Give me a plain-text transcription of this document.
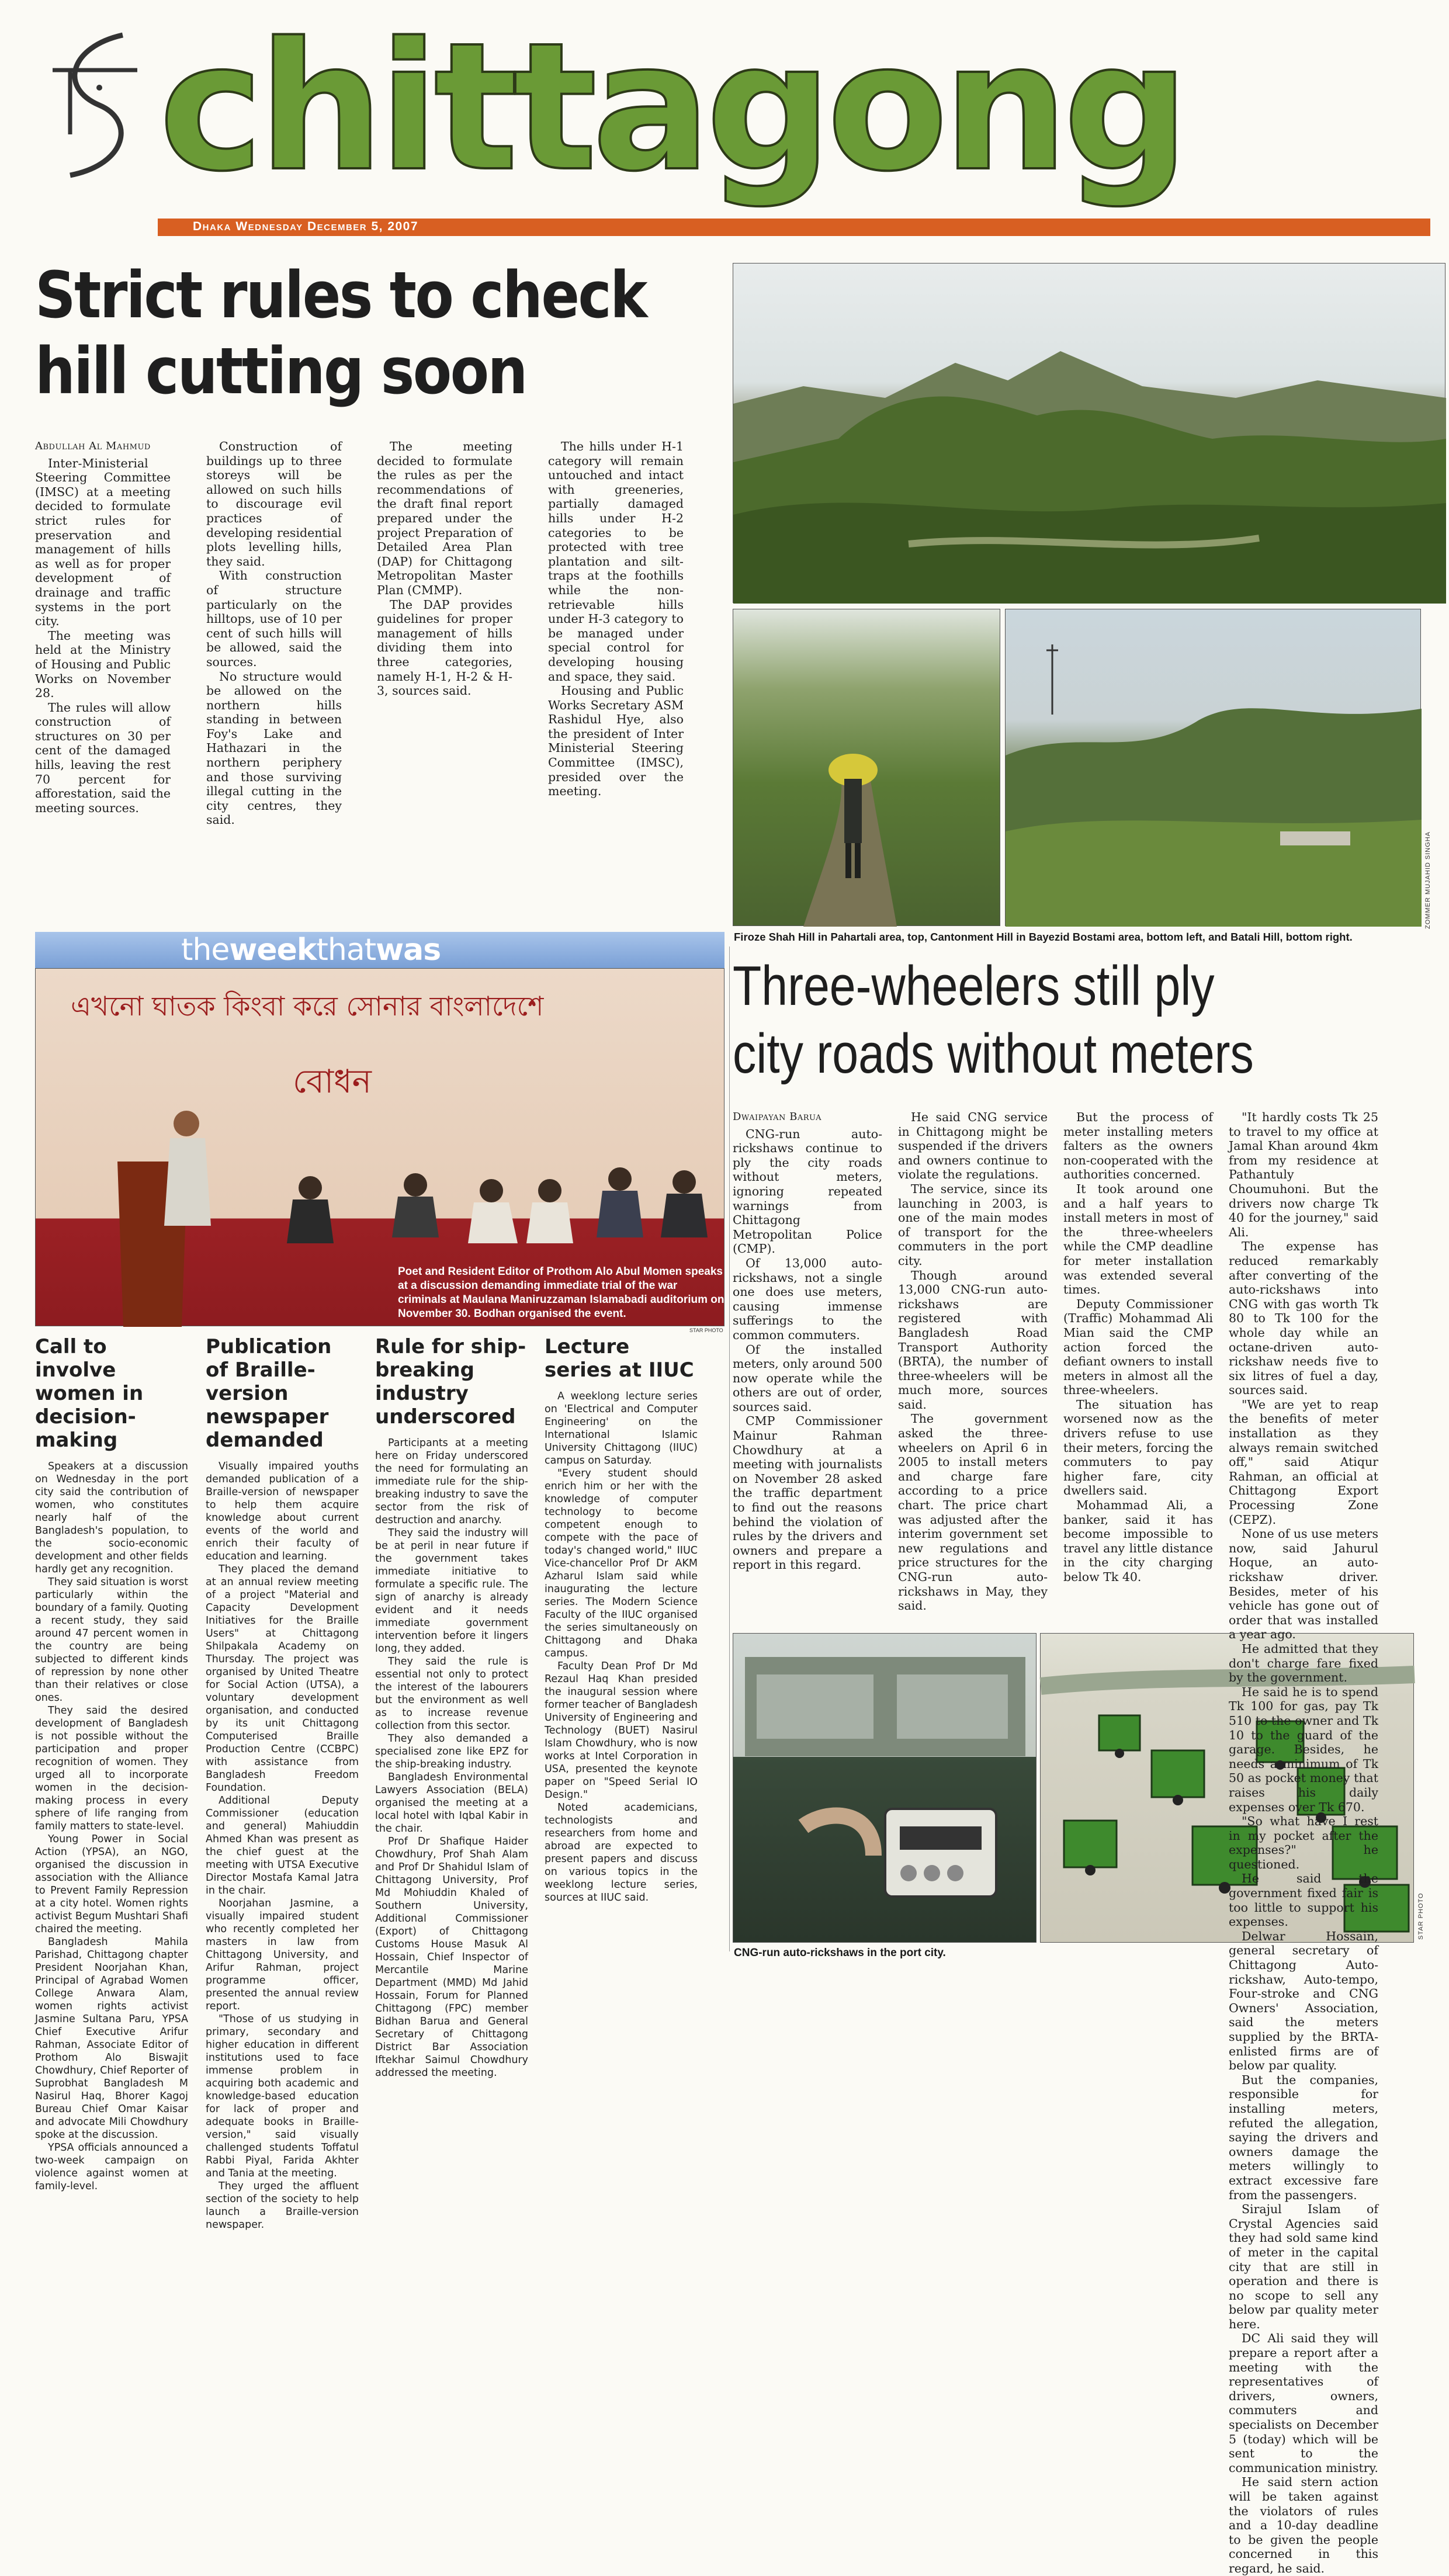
chittagong
Dhaka Wednesday December 5, 2007
Strict rules to check
hill cutting soon
ZOMMER MUJAHID SINGHA
Firoze Shah Hill in Pahartali area, top, Cantonment Hill in Bayezid Bostami area, bottom left, and Batali Hill, bottom right.
theweekthatwas
এখনো ঘাতক কিংবা করে সোনার বাংলাদেশে
বোধন
Poet and Resident Editor of Prothom Alo Abul Momen speaks at a discussion demanding immediate trial of the war criminals at Maulana Maniruzzaman Islamabadi auditorium on November 30. Bodhan organised the event.
STAR PHOTO
Three-wheelers still ply
city roads without meters
STAR PHOTO
CNG-run auto-rickshaws in the port city.

Abdullah Al Mahmud

Inter-Ministerial Steering Committee (IMSC) at a meeting decided to formulate strict rules for preservation and management of hills as well as for proper development of drainage and traffic systems in the port city.

The meeting was held at the Ministry of Housing and Public Works on November 28.

The rules will allow construction of structures on 30 per cent of the damaged hills, leaving the rest 70 percent for afforestation, said the meeting sources.

Construction of buildings up to three storeys will be allowed on such hills to discourage evil practices of developing residential plots levelling hills, they said.

With construction of structure particularly on the hilltops, use of 10 per cent of such hills will be allowed, said the sources.

No structure would be allowed on the northern hills standing in between Foy's Lake and Hathazari in the northern periphery and those surviving illegal cutting in the city centres, they said.

The meeting decided to formulate the rules as per the recommendations of the draft final report prepared under the project Preparation of Detailed Area Plan (DAP) for Chittagong Metropolitan Master Plan (CMMP).

The DAP provides guidelines for proper management of hills dividing them into three categories, namely H-1, H-2 & H-3, sources said.

The hills under H-1 category will remain untouched and intact with greeneries, partially damaged hills under H-2 categories to be protected with tree plantation and silt-traps at the foothills while the non-retrievable hills under H-3 category to be managed under special control for developing housing and space, they said.

Housing and Public Works Secretary ASM Rashidul Hye, also the president of Inter Ministerial Steering Committee (IMSC), presided over the meeting.

Dwaipayan Barua

CNG-run auto-rickshaws continue to ply the city roads without meters, ignoring repeated warnings from Chittagong Metropolitan Police (CMP).

Of 13,000 auto-rickshaws, not a single one does use meters, causing immense sufferings to the common commuters.

Of the installed meters, only around 500 now operate while the others are out of order, sources said.

CMP Commissioner Mainur Rahman Chowdhury at a meeting with journalists on November 28 asked the traffic department to find out the reasons behind the violation of rules by the drivers and owners and prepare a report in this regard.

He said CNG service in Chittagong might be suspended if the drivers and owners continue to violate the regulations.

The service, since its launching in 2003, is one of the main modes of transport for the commuters in the port city.

Though around 13,000 CNG-run auto-rickshaws are registered with Bangladesh Road Transport Authority (BRTA), the number of three-wheelers will be much more, sources said.

The government asked the three-wheelers on April 6 in 2005 to install meters and charge fare according to a price chart. The price chart was adjusted after the interim government set new regulations and price structures for the CNG-run auto-rickshaws in May, they said.

But the process of meter installing meters falters as the owners non-cooperated with the authorities concerned.

It took around one and a half years to install meters in most of the three-wheelers while the CMP deadline for meter installation was extended several times.

Deputy Commissioner (Traffic) Mohammad Ali Mian said the CMP action forced the defiant owners to install meters in almost all the three-wheelers.

The situation has worsened now as the drivers refuse to use their meters, forcing the commuters to pay higher fare, city dwellers said.

Mohammad Ali, a banker, said it has become impossible to travel any little distance in the city charging below Tk 40.

"It hardly costs Tk 25 to travel to my office at Jamal Khan around 4km from my residence at Pathantuly Choumuhoni. But the drivers now charge Tk 40 for the journey," said Ali.

The expense has reduced remarkably after converting of the auto-rickshaws into CNG with gas worth Tk 80 to Tk 100 for the whole day while an octane-driven auto-rickshaw needs five to six litres of fuel a day, sources said.

"We are yet to reap the benefits of meter installation as they always remain switched off," said Atiqur Rahman, an official at Chittagong Export Processing Zone (CEPZ).

None of us use meters now, said Jahurul Hoque, an auto-rickshaw driver. Besides, meter of his vehicle has gone out of order that was installed a year ago.

He admitted that they don't charge fare fixed by the government.

He said he is to spend Tk 100 for gas, pay Tk 510 to the owner and Tk 10 to the guard of the garage. Besides, he needs a minimum of Tk 50 as pocket money that raises his daily expenses over Tk 670.

"So what have I rest in my pocket after the expenses?" he questioned.

He said the government fixed fair is too little to support his expenses.

Delwar Hossain, general secretary of Chittagong Auto-rickshaw, Auto-tempo, Four-stroke and CNG Owners' Association, said the meters supplied by the BRTA-enlisted firms are of below par quality.

But the companies, responsible for installing meters, refuted the allegation, saying the drivers and owners damage the meters willingly to extract excessive fare from the passengers.

Sirajul Islam of Crystal Agencies said they had sold same kind of meter in the capital city that are still in operation and there is no scope to sell any below par quality meter here.

DC Ali said they will prepare a report after a meeting with the representatives of drivers, owners, commuters and specialists on December 5 (today) which will be sent to the communication ministry.

He said stern action will be taken against the violators of rules and a 10-day deadline to be given the people concerned in this regard, he said.

Call to involve women in decision-making

Speakers at a discussion on Wednesday in the port city said the contribution of women, who constitutes nearly half of the Bangladesh's population, to the socio-economic development and other fields hardly get any recognition.

They said situation is worst particularly within the boundary of a family. Quoting a recent study, they said around 47 percent women in the country are being subjected to different kinds of repression by none other than their relatives or close ones.

They said the desired development of Bangladesh is not possible without the participation and proper recognition of women. They urged all to incorporate women in the decision-making process in every sphere of life ranging from family matters to state-level.

Young Power in Social Action (YPSA), an NGO, organised the discussion in association with the Alliance to Prevent Family Repression at a city hotel. Women rights activist Begum Mushtari Shafi chaired the meeting.

Bangladesh Mahila Parishad, Chittagong chapter President Noorjahan Khan, Principal of Agrabad Women College Anwara Alam, women rights activist Jasmine Sultana Paru, YPSA Chief Executive Arifur Rahman, Associate Editor of Prothom Alo Biswajit Chowdhury, Chief Reporter of Suprobhat Bangladesh M Nasirul Haq, Bhorer Kagoj Bureau Chief Omar Kaisar and advocate Mili Chowdhury spoke at the discussion.

YPSA officials announced a two-week campaign on violence against women at family-level.

Publication of Braille-version newspaper demanded

Visually impaired youths demanded publication of a Braille-version of newspaper to help them acquire knowledge about current events of the world and enrich their faculty of education and learning.

They placed the demand at an annual review meeting of a project "Material and Capacity Development Initiatives for the Braille Users" at Chittagong Shilpakala Academy on Thursday. The project was organised by United Theatre for Social Action (UTSA), a voluntary development organisation, and conducted by its unit Chittagong Computerised Braille Production Centre (CCBPC) with assistance from Bangladesh Freedom Foundation.

Additional Deputy Commissioner (education and general) Mahiuddin Ahmed Khan was present as the chief guest at the meeting with UTSA Executive Director Mostafa Kamal Jatra in the chair.

Noorjahan Jasmine, a visually impaired student who recently completed her masters in law from Chittagong University, and Arifur Rahman, project programme officer, presented the annual review report.

"Those of us studying in primary, secondary and higher education in different institutions used to face immense problem in acquiring both academic and knowledge-based education for lack of proper and adequate books in Braille-version," said visually challenged students Toffatul Rabbi Piyal, Farida Akhter and Tania at the meeting.

They urged the affluent section of the society to help launch a Braille-version newspaper.

Rule for ship-breaking industry underscored

Participants at a meeting here on Friday underscored the need for formulating an immediate rule for the ship-breaking industry to save the sector from the risk of destruction and anarchy.

They said the industry will be at peril in near future if the government takes immediate initiative to formulate a specific rule. The sign of anarchy is already evident and it needs immediate government intervention before it lingers long, they added.

They said the rule is essential not only to protect the interest of the labourers but the environment as well as to increase revenue collection from this sector.

They also demanded a specialised zone like EPZ for the ship-breaking industry.

Bangladesh Environmental Lawyers Association (BELA) organised the meeting at a local hotel with Iqbal Kabir in the chair.

Prof Dr Shafique Haider Chowdhury, Prof Shah Alam and Prof Dr Shahidul Islam of Chittagong University, Prof Md Mohiuddin Khaled of Southern University, Additional Commissioner (Export) of Chittagong Customs House Masuk Al Hossain, Chief Inspector of Mercantile Marine Department (MMD) Md Jahid Hossain, Forum for Planned Chittagong (FPC) member Bidhan Barua and General Secretary of Chittagong District Bar Association Iftekhar Saimul Chowdhury addressed the meeting.

Lecture series at IIUC

A weeklong lecture series on 'Electrical and Computer Engineering' on the International Islamic University Chittagong (IIUC) campus on Saturday.

"Every student should enrich him or her with the knowledge of computer technology to become competent enough to compete with the pace of today's changed world," IIUC Vice-chancellor Prof Dr AKM Azharul Islam said while inaugurating the lecture series. The Modern Science Faculty of the IIUC organised the series simultaneously on Chittagong and Dhaka campus.

Faculty Dean Prof Dr Md Rezaul Haq Khan presided the inaugural session where former teacher of Bangladesh University of Engineering and Technology (BUET) Nasirul Islam Chowdhury, who is now works at Intel Corporation in USA, presented the keynote paper on "Speed Serial IO Design."

Noted academicians, technologists and researchers from home and abroad are expected to present papers and discuss on various topics in the weeklong lecture series, sources at IIUC said.
